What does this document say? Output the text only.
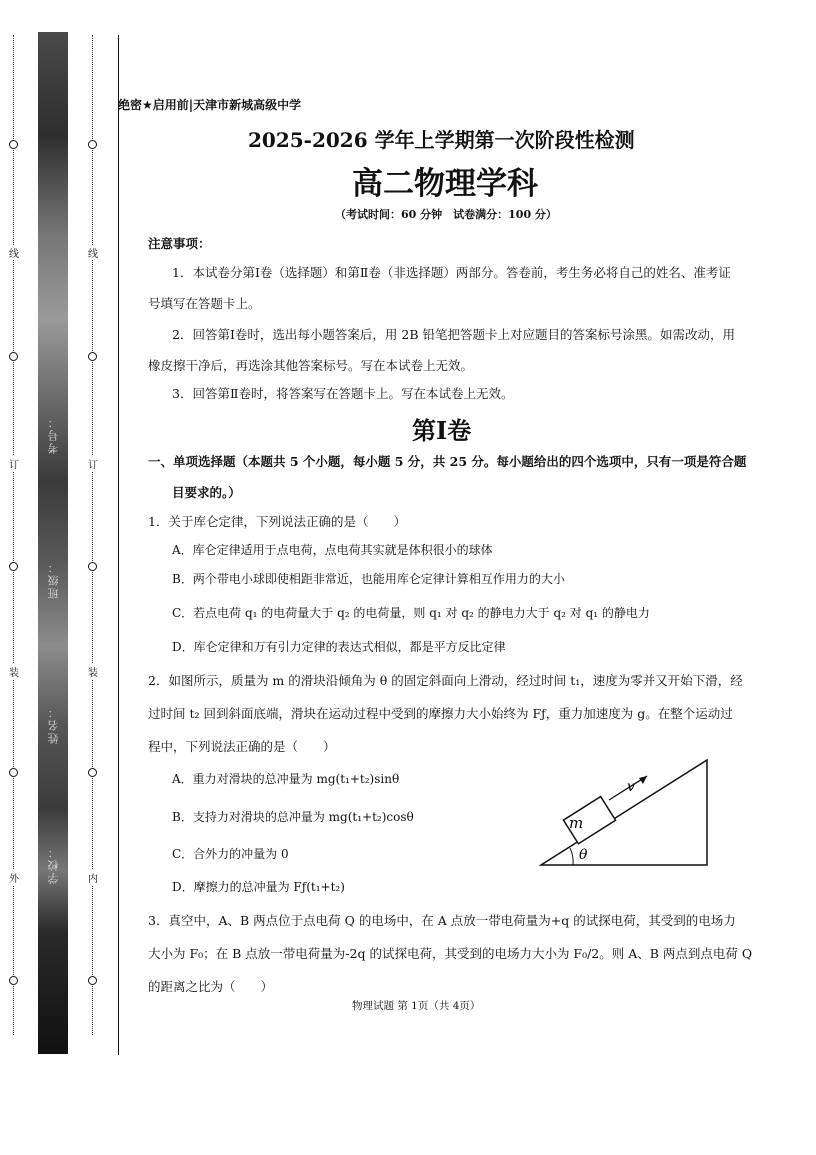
考号：
班级：
姓名：
学校：
线
订
装
外
线
订
装
内
绝密★启用前|天津市新城高级中学
2025-2026 学年上学期第一次阶段性检测
高二物理学科
（考试时间：60 分钟　试卷满分：100 分）
注意事项：
1．本试卷分第Ⅰ卷（选择题）和第Ⅱ卷（非选择题）两部分。答卷前，考生务必将自己的姓名、准考证
号填写在答题卡上。
2．回答第Ⅰ卷时，选出每小题答案后，用 2B 铅笔把答题卡上对应题目的答案标号涂黑。如需改动，用
橡皮擦干净后，再选涂其他答案标号。写在本试卷上无效。
3．回答第Ⅱ卷时，将答案写在答题卡上。写在本试卷上无效。
第Ⅰ卷
一、单项选择题（本题共 5 个小题，每小题 5 分，共 25 分。每小题给出的四个选项中，只有一项是符合题
目要求的。）
1．关于库仑定律，下列说法正确的是（　　）
A．库仑定律适用于点电荷，点电荷其实就是体积很小的球体
B．两个带电小球即使相距非常近，也能用库仑定律计算相互作用力的大小
C．若点电荷 q₁ 的电荷量大于 q₂ 的电荷量，则 q₁ 对 q₂ 的静电力大于 q₂ 对 q₁ 的静电力
D．库仑定律和万有引力定律的表达式相似，都是平方反比定律
2．如图所示，质量为 m 的滑块沿倾角为 θ 的固定斜面向上滑动，经过时间 t₁，速度为零并又开始下滑，经
过时间 t₂ 回到斜面底端，滑块在运动过程中受到的摩擦力大小始终为 Fƒ，重力加速度为 g。在整个运动过
程中，下列说法正确的是（　　）
A．重力对滑块的总冲量为 mg(t₁+t₂)sinθ
B．支持力对滑块的总冲量为 mg(t₁+t₂)cosθ
C．合外力的冲量为 0
D．摩擦力的总冲量为 Fƒ(t₁+t₂)
m
v
θ
3．真空中，A、B 两点位于点电荷 Q 的电场中，在 A 点放一带电荷量为+q 的试探电荷，其受到的电场力
大小为 F₀；在 B 点放一带电荷量为-2q 的试探电荷，其受到的电场力大小为 F₀/2。则 A、B 两点到点电荷 Q
的距离之比为（　　）
物理试题 第 1页（共 4页）
